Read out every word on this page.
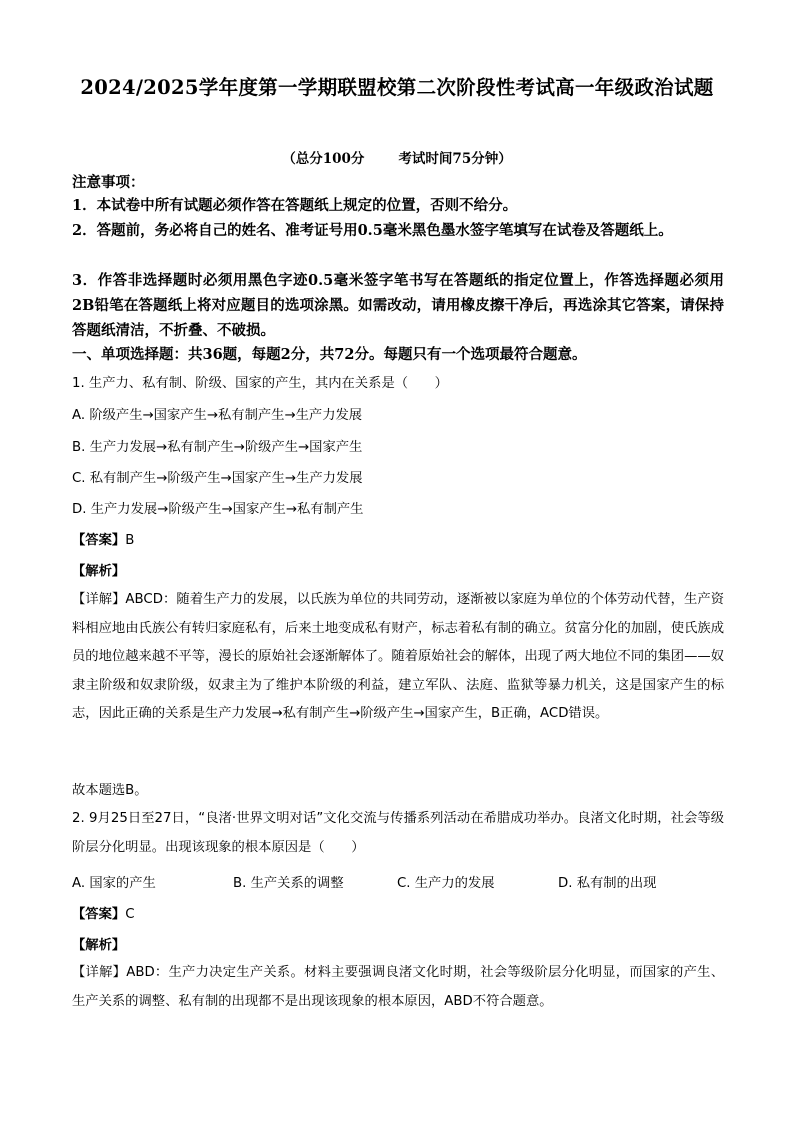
2024/2025学年度第一学期联盟校第二次阶段性考试高一年级政治试题
（总分100分	考试时间75分钟）
注意事项：
1．本试卷中所有试题必须作答在答题纸上规定的位置，否则不给分。
2．答题前，务必将自己的姓名、准考证号用0.5毫米黑色墨水签字笔填写在试卷及答题纸上。
3．作答非选择题时必须用黑色字迹0.5毫米签字笔书写在答题纸的指定位置上，作答选择题必须用2B铅笔在答题纸上将对应题目的选项涂黑。如需改动，请用橡皮擦干净后，再选涂其它答案，请保持答题纸清洁，不折叠、不破损。
一、单项选择题：共36题，每题2分，共72分。每题只有一个选项最符合题意。
1. 生产力、私有制、阶级、国家的产生，其内在关系是（　　）
A. 阶级产生→国家产生→私有制产生→生产力发展
B. 生产力发展→私有制产生→阶级产生→国家产生
C. 私有制产生→阶级产生→国家产生→生产力发展
D. 生产力发展→阶级产生→国家产生→私有制产生
【答案】B
【解析】
【详解】ABCD：随着生产力的发展，以氏族为单位的共同劳动，逐渐被以家庭为单位的个体劳动代替，生产资料相应地由氏族公有转归家庭私有，后来土地变成私有财产，标志着私有制的确立。贫富分化的加剧，使氏族成员的地位越来越不平等，漫长的原始社会逐渐解体了。随着原始社会的解体，出现了两大地位不同的集团——奴隶主阶级和奴隶阶级，奴隶主为了维护本阶级的利益，建立军队、法庭、监狱等暴力机关，这是国家产生的标志，因此正确的关系是生产力发展→私有制产生→阶级产生→国家产生，B正确，ACD错误。
故本题选B。
2. 9月25日至27日，“良渚·世界文明对话”文化交流与传播系列活动在希腊成功举办。良渚文化时期，社会等级阶层分化明显。出现该现象的根本原因是（　　）
A. 国家的产生	B. 生产关系的调整	C. 生产力的发展	D. 私有制的出现
【答案】C
【解析】
【详解】ABD：生产力决定生产关系。材料主要强调良渚文化时期，社会等级阶层分化明显，而国家的产生、生产关系的调整、私有制的出现都不是出现该现象的根本原因，ABD不符合题意。
